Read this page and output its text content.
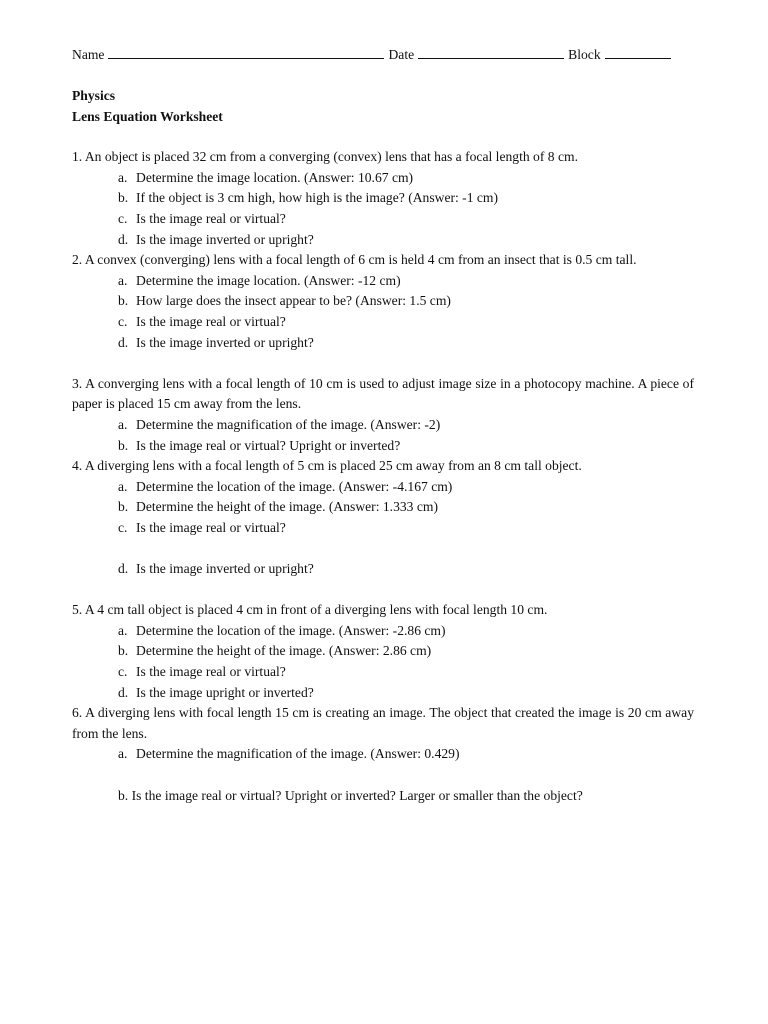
Name	Date	Block
Physics
Lens Equation Worksheet
1. An object is placed 32 cm from a converging (convex) lens that has a focal length of 8 cm.
a. Determine the image location. (Answer: 10.67 cm)
b. If the object is 3 cm high, how high is the image? (Answer: -1 cm)
c. Is the image real or virtual?
d. Is the image inverted or upright?
2. A convex (converging) lens with a focal length of 6 cm is held 4 cm from an insect that is 0.5 cm tall.
a. Determine the image location. (Answer: -12 cm)
b. How large does the insect appear to be? (Answer: 1.5 cm)
c. Is the image real or virtual?
d. Is the image inverted or upright?
3. A converging lens with a focal length of 10 cm is used to adjust image size in a photocopy machine. A piece of paper is placed 15 cm away from the lens.
a. Determine the magnification of the image. (Answer: -2)
b. Is the image real or virtual? Upright or inverted?
4. A diverging lens with a focal length of 5 cm is placed 25 cm away from an 8 cm tall object.
a. Determine the location of the image. (Answer: -4.167 cm)
b. Determine the height of the image. (Answer: 1.333 cm)
c. Is the image real or virtual?
d. Is the image inverted or upright?
5. A 4 cm tall object is placed 4 cm in front of a diverging lens with focal length 10 cm.
a. Determine the location of the image. (Answer: -2.86 cm)
b. Determine the height of the image. (Answer: 2.86 cm)
c. Is the image real or virtual?
d. Is the image upright or inverted?
6. A diverging lens with focal length 15 cm is creating an image. The object that created the image is 20 cm away from the lens.
a. Determine the magnification of the image. (Answer: 0.429)
b. Is the image real or virtual? Upright or inverted? Larger or smaller than the object?
